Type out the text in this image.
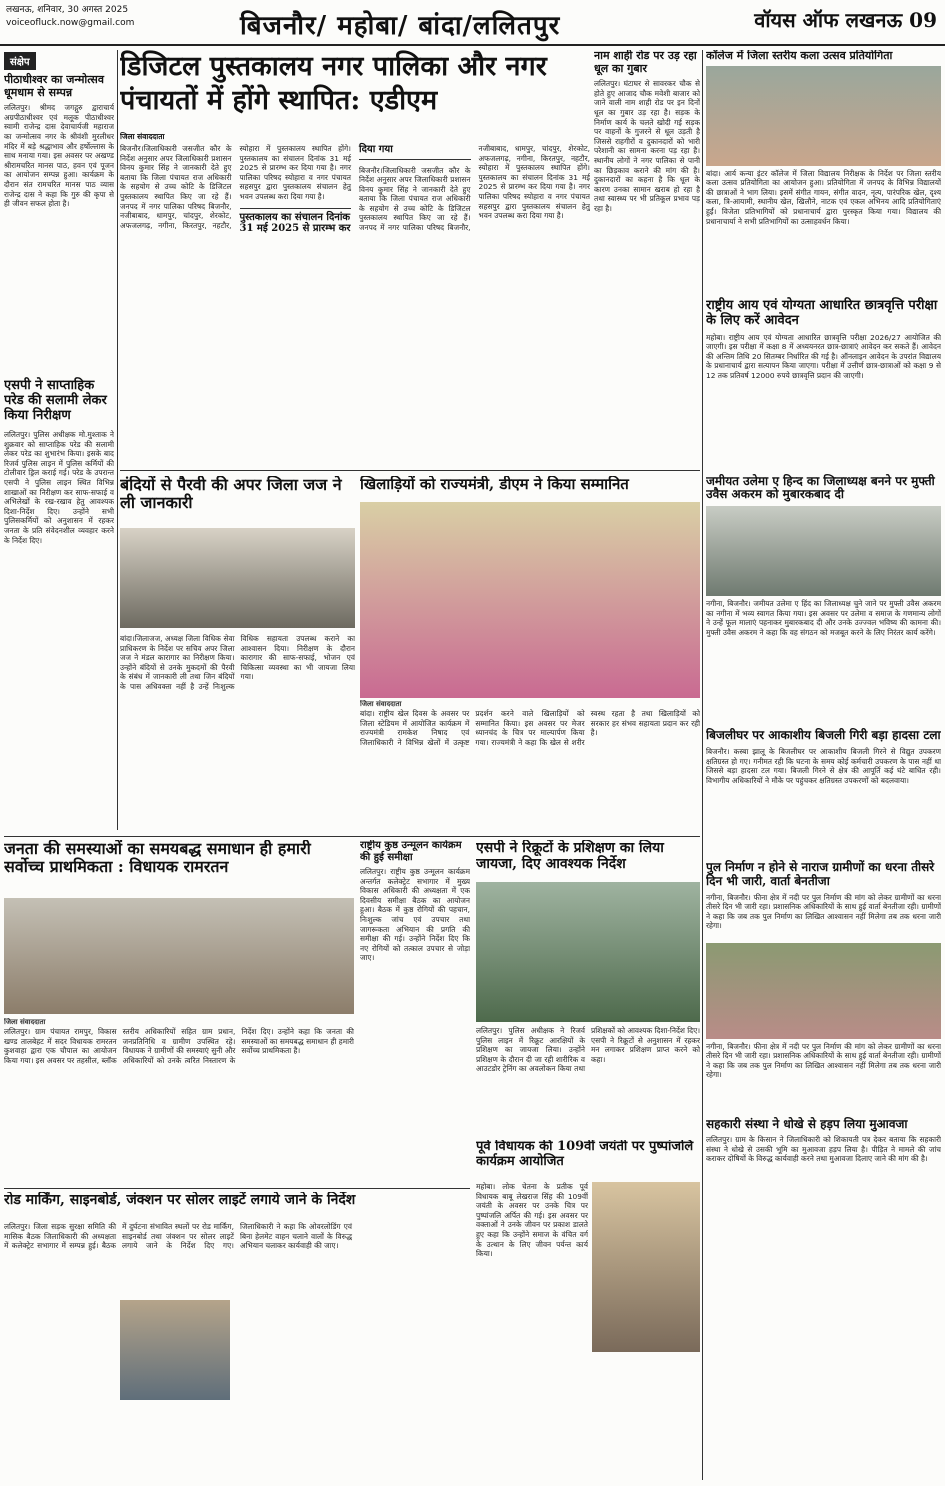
लखनऊ, शनिवार, 30 अगस्त 2025
voiceofluck.now@gmail.com	बिजनौर/ महोबा/ बांदा/ललितपुर	वॉयस ऑफ लखनऊ 09
संक्षेप
पीठाधीश्वर का जन्मोत्सव धूमधाम से सम्पन्न
ललितपुर। श्रीमद जगद्गुरु द्वाराचार्य अग्रपीठाधीश्वर एवं मलूक पीठाधीश्वर स्वामी राजेन्द्र दास देवाचार्यजी महाराज का जन्मोत्सव नगर के श्रीवंशी मुरलीधर मंदिर में बड़े श्रद्धाभाव और हर्षोल्लास के साथ मनाया गया। इस अवसर पर अखण्ड श्रीरामचरित मानस पाठ, हवन एवं पूजन का आयोजन सम्पन्न हुआ। कार्यक्रम के दौरान संत रामचरित मानस पाठ व्यास राजेन्द्र दास ने कहा कि गुरु की कृपा से ही जीवन सफल होता है।
एसपी ने साप्ताहिक परेड की सलामी लेकर किया निरीक्षण
ललितपुर। पुलिस अधीक्षक मो.मुश्ताक ने शुक्रवार को साप्ताहिक परेड की सलामी लेकर परेड का शुभारंभ किया। इसके बाद रिजर्व पुलिस लाइन में पुलिस कर्मियों की टोलीवार ड्रिल कराई गई। परेड के उपरान्त एसपी ने पुलिस लाइन स्थित विभिन्न शाखाओं का निरीक्षण कर साफ-सफाई व अभिलेखों के रख-रखाव हेतु आवश्यक दिशा-निर्देश दिए। उन्होंने सभी पुलिसकर्मियों को अनुशासन में रहकर जनता के प्रति संवेदनशील व्यवहार करने के निर्देश दिए।
डिजिटल पुस्तकालय नगर पालिका और नगर पंचायतों में होंगे स्थापित: एडीएम
जिला संवाददाता
बिजनौर।जिलाधिकारी जसजीत कौर के निर्देश अनुसार अपर जिलाधिकारी प्रशासन विनय कुमार सिंह ने जानकारी देते हुए बताया कि जिला पंचायत राज अधिकारी के सहयोग से उच्च कोटि के डिजिटल पुस्तकालय स्थापित किए जा रहे हैं। जनपद में नगर पालिका परिषद बिजनौर, नजीबाबाद, धामपुर, चांदपुर, शेरकोट, अफजलगढ़, नगीना, किरतपुर, नहटौर, स्योहारा में पुस्तकालय स्थापित होंगे। पुस्तकालय का संचालन दिनांक 31 मई 2025 से प्रारम्भ कर दिया गया है। नगर पालिका परिषद स्योहारा व नगर पंचायत सहसपुर द्वारा पुस्तकालय संचालन हेतु भवन उपलब्ध करा दिया गया है।
पुस्तकालय का संचालन दिनांक 31 मई 2025 से प्रारम्भ कर दिया गया
बिजनौर।जिलाधिकारी जसजीत कौर के निर्देश अनुसार अपर जिलाधिकारी प्रशासन विनय कुमार सिंह ने जानकारी देते हुए बताया कि जिला पंचायत राज अधिकारी के सहयोग से उच्च कोटि के डिजिटल पुस्तकालय स्थापित किए जा रहे हैं। जनपद में नगर पालिका परिषद बिजनौर, नजीबाबाद, धामपुर, चांदपुर, शेरकोट, अफजलगढ़, नगीना, किरतपुर, नहटौर, स्योहारा में पुस्तकालय स्थापित होंगे। पुस्तकालय का संचालन दिनांक 31 मई 2025 से प्रारम्भ कर दिया गया है। नगर पालिका परिषद स्योहारा व नगर पंचायत सहसपुर द्वारा पुस्तकालय संचालन हेतु भवन उपलब्ध करा दिया गया है।
नाम शाही रोड पर उड़ रहा धूल का गुबार
ललितपुर। घंटाघर से सावरकर चौक से होते हुए आजाद चौक मवेशी बाजार को जाने वाली नाम शाही रोड पर इन दिनों धूल का गुबार उड़ रहा है। सड़क के निर्माण कार्य के चलते खोदी गई सड़क पर वाहनों के गुजरने से धूल उड़ती है जिससे राहगीरों व दुकानदारों को भारी परेशानी का सामना करना पड़ रहा है। स्थानीय लोगों ने नगर पालिका से पानी का छिड़काव कराने की मांग की है। दुकानदारों का कहना है कि धूल के कारण उनका सामान खराब हो रहा है तथा स्वास्थ्य पर भी प्रतिकूल प्रभाव पड़ रहा है।
कॉलेज में जिला स्तरीय कला उत्सव प्रतियोगिता
बांदा। आर्य कन्या इंटर कॉलेज में जिला विद्यालय निरीक्षक के निर्देश पर जिला स्तरीय कला उत्सव प्रतियोगिता का आयोजन हुआ। प्रतियोगिता में जनपद के विभिन्न विद्यालयों की छात्राओं ने भाग लिया। इसमें संगीत गायन, संगीत वादन, नृत्य, पारंपरिक खेल, दृश्य कला, त्रि-आयामी, स्थानीय खेल, खिलौने, नाटक एवं एकल अभिनय आदि प्रतियोगिताएं हुईं। विजेता प्रतिभागियों को प्रधानाचार्य द्वारा पुरस्कृत किया गया। विद्यालय की प्रधानाचार्या ने सभी प्रतिभागियों का उत्साहवर्धन किया।
राष्ट्रीय आय एवं योग्यता आधारित छात्रवृत्ति परीक्षा के लिए करें आवेदन
महोबा। राष्ट्रीय आय एवं योग्यता आधारित छात्रवृत्ति परीक्षा 2026/27 आयोजित की जाएगी। इस परीक्षा में कक्षा 8 में अध्ययनरत छात्र-छात्राएं आवेदन कर सकते हैं। आवेदन की अन्तिम तिथि 20 सितम्बर निर्धारित की गई है। ऑनलाइन आवेदन के उपरांत विद्यालय के प्रधानाचार्य द्वारा सत्यापन किया जाएगा। परीक्षा में उत्तीर्ण छात्र-छात्राओं को कक्षा 9 से 12 तक प्रतिवर्ष 12000 रुपये छात्रवृत्ति प्रदान की जाएगी।
जमीयत उलेमा ए हिन्द का जिलाध्यक्ष बनने पर मुफ्ती उवैस अकरम को मुबारकबाद दी
नगीना, बिजनौर। जमीयत उलेमा ए हिंद का जिलाध्यक्ष चुने जाने पर मुफ्ती उवैस अकरम का नगीना में भव्य स्वागत किया गया। इस अवसर पर उलेमा व समाज के गणमान्य लोगों ने उन्हें फूल मालाएं पहनाकर मुबारकबाद दी और उनके उज्ज्वल भविष्य की कामना की। मुफ्ती उवैस अकरम ने कहा कि वह संगठन को मजबूत करने के लिए निरंतर कार्य करेंगे।
बिजलीघर पर आकाशीय बिजली गिरी बड़ा हादसा टला
बिजनौर। कस्बा झालू के बिजलीघर पर आकाशीय बिजली गिरने से विद्युत उपकरण क्षतिग्रस्त हो गए। गनीमत रही कि घटना के समय कोई कर्मचारी उपकरण के पास नहीं था जिससे बड़ा हादसा टल गया। बिजली गिरने से क्षेत्र की आपूर्ति कई घंटे बाधित रही। विभागीय अधिकारियों ने मौके पर पहुंचकर क्षतिग्रस्त उपकरणों को बदलवाया।
पुल निर्माण न होने से नाराज ग्रामीणों का धरना तीसरे दिन भी जारी, वार्ता बेनतीजा
नगीना, बिजनौर। फीना क्षेत्र में नदी पर पुल निर्माण की मांग को लेकर ग्रामीणों का धरना तीसरे दिन भी जारी रहा। प्रशासनिक अधिकारियों के साथ हुई वार्ता बेनतीजा रही। ग्रामीणों ने कहा कि जब तक पुल निर्माण का लिखित आश्वासन नहीं मिलेगा तब तक धरना जारी रहेगा।
नगीना, बिजनौर। फीना क्षेत्र में नदी पर पुल निर्माण की मांग को लेकर ग्रामीणों का धरना तीसरे दिन भी जारी रहा। प्रशासनिक अधिकारियों के साथ हुई वार्ता बेनतीजा रही। ग्रामीणों ने कहा कि जब तक पुल निर्माण का लिखित आश्वासन नहीं मिलेगा तब तक धरना जारी रहेगा।
सहकारी संस्था ने धोखे से हड़प लिया मुआवजा
ललितपुर। ग्राम के किसान ने जिलाधिकारी को शिकायती पत्र देकर बताया कि सहकारी संस्था ने धोखे से उसकी भूमि का मुआवजा हड़प लिया है। पीड़ित ने मामले की जांच कराकर दोषियों के विरुद्ध कार्यवाही करने तथा मुआवजा दिलाए जाने की मांग की है।
बंदियों से पैरवी की अपर जिला जज ने ली जानकारी
बांदा।जिलाजज, अध्यक्ष जिला विधिक सेवा प्राधिकरण के निर्देश पर सचिव अपर जिला जज ने मंडल कारागार का निरीक्षण किया। उन्होंने बंदियों से उनके मुकदमों की पैरवी के संबंध में जानकारी ली तथा जिन बंदियों के पास अधिवक्ता नहीं है उन्हें निःशुल्क विधिक सहायता उपलब्ध कराने का आश्वासन दिया। निरीक्षण के दौरान कारागार की साफ-सफाई, भोजन एवं चिकित्सा व्यवस्था का भी जायजा लिया गया।
खिलाड़ियों को राज्यमंत्री, डीएम ने किया सम्मानित
जिला संवाददाता
बांदा। राष्ट्रीय खेल दिवस के अवसर पर जिला स्टेडियम में आयोजित कार्यक्रम में राज्यमंत्री रामकेश निषाद एवं जिलाधिकारी ने विभिन्न खेलों में उत्कृष्ट प्रदर्शन करने वाले खिलाड़ियों को सम्मानित किया। इस अवसर पर मेजर ध्यानचंद के चित्र पर माल्यार्पण किया गया। राज्यमंत्री ने कहा कि खेल से शरीर स्वस्थ रहता है तथा खिलाड़ियों को सरकार हर संभव सहायता प्रदान कर रही है।
जनता की समस्याओं का समयबद्ध समाधान ही हमारी सर्वोच्च प्राथमिकता : विधायक रामरतन
जिला संवाददाता
ललितपुर। ग्राम पंचायत रामपुर, विकास खण्ड तालबेहट में सदर विधायक रामरतन कुशवाहा द्वारा एक चौपाल का आयोजन किया गया। इस अवसर पर तहसील, ब्लॉक स्तरीय अधिकारियों सहित ग्राम प्रधान, जनप्रतिनिधि व ग्रामीण उपस्थित रहे। विधायक ने ग्रामीणों की समस्याएं सुनी और अधिकारियों को उनके त्वरित निस्तारण के निर्देश दिए। उन्होंने कहा कि जनता की समस्याओं का समयबद्ध समाधान ही हमारी सर्वोच्च प्राथमिकता है।
राष्ट्रीय कुष्ठ उन्मूलन कार्यक्रम की हुई समीक्षा
ललितपुर। राष्ट्रीय कुष्ठ उन्मूलन कार्यक्रम अन्तर्गत कलेक्ट्रेट सभागार में मुख्य विकास अधिकारी की अध्यक्षता में एक दिवसीय समीक्षा बैठक का आयोजन हुआ। बैठक में कुष्ठ रोगियों की पहचान, निःशुल्क जांच एवं उपचार तथा जागरूकता अभियान की प्रगति की समीक्षा की गई। उन्होंने निर्देश दिए कि नए रोगियों को तत्काल उपचार से जोड़ा जाए।
एसपी ने रिक्रूटों के प्रशिक्षण का लिया जायजा, दिए आवश्यक निर्देश
ललितपुर। पुलिस अधीक्षक ने रिजर्व पुलिस लाइन में रिक्रूट आरक्षियों के प्रशिक्षण का जायजा लिया। उन्होंने प्रशिक्षण के दौरान दी जा रही शारीरिक व आउटडोर ट्रेनिंग का अवलोकन किया तथा प्रशिक्षकों को आवश्यक दिशा-निर्देश दिए। एसपी ने रिक्रूटों से अनुशासन में रहकर मन लगाकर प्रशिक्षण प्राप्त करने को कहा।
पूर्व विधायक की 109वीं जयंती पर पुष्पांजलि कार्यक्रम आयोजित
महोबा। लोक चेतना के प्रतीक पूर्व विधायक बाबू लेखराज सिंह की 109वीं जयंती के अवसर पर उनके चित्र पर पुष्पांजलि अर्पित की गई। इस अवसर पर वक्ताओं ने उनके जीवन पर प्रकाश डालते हुए कहा कि उन्होंने समाज के वंचित वर्ग के उत्थान के लिए जीवन पर्यन्त कार्य किया।
रोड मार्किंग, साइनबोर्ड, जंक्शन पर सोलर लाइटें लगाये जाने के निर्देश
ललितपुर। जिला सड़क सुरक्षा समिति की मासिक बैठक जिलाधिकारी की अध्यक्षता में कलेक्ट्रेट सभागार में सम्पन्न हुई। बैठक में दुर्घटना संभावित स्थलों पर रोड मार्किंग, साइनबोर्ड तथा जंक्शन पर सोलर लाइटें लगाये जाने के निर्देश दिए गए। जिलाधिकारी ने कहा कि ओवरलोडिंग एवं बिना हेलमेट वाहन चलाने वालों के विरुद्ध अभियान चलाकर कार्यवाही की जाए।
